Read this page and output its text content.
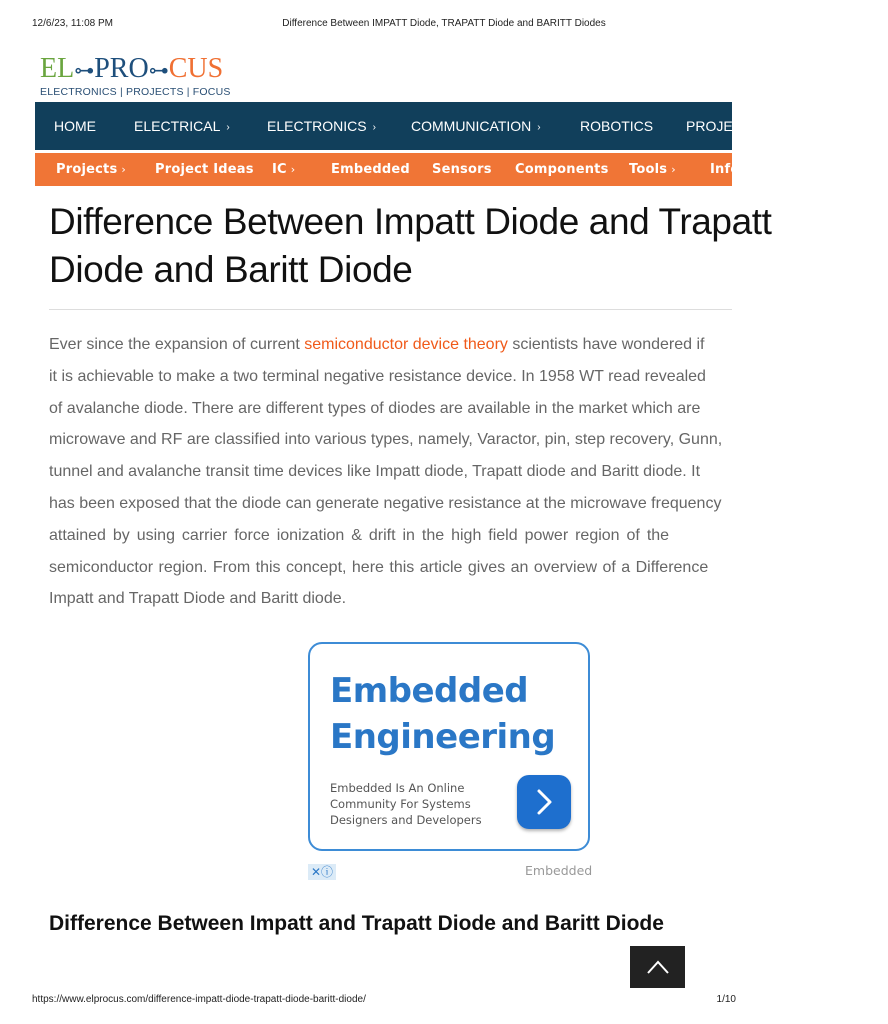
12/6/23, 11:08 PM	Difference Between IMPATT Diode, TRAPATT Diode and BARITT Diodes
EL⊶PRO⊶CUS
ELECTRONICS | PROJECTS | FOCUS
HOME	ELECTRICAL ›	ELECTRONICS ›	COMMUNICATION ›	ROBOTICS PROJECTS ›
Projects › Project Ideas IC ›	Embedded Sensors Components Tools ›	Info
Difference Between Impatt Diode and Trapatt
Diode and Baritt Diode
Ever since the expansion of current semiconductor device theory scientists have wondered if
it is achievable to make a two terminal negative resistance device. In 1958 WT read revealed
of avalanche diode. There are different types of diodes are available in the market which are
microwave and RF are classified into various types, namely, Varactor, pin, step recovery, Gunn,
tunnel and avalanche transit time devices like Impatt diode, Trapatt diode and Baritt diode. It
has been exposed that the diode can generate negative resistance at the microwave frequency
attained by using carrier force ionization & drift in the high field power region of the
semiconductor region. From this concept, here this article gives an overview of a Difference
Impatt and Trapatt Diode and Baritt diode.
Embedded
Engineering
Embedded Is An Online
Community For Systems
Designers and Developers
✕ⓘ	Embedded
Difference Between Impatt and Trapatt Diode and Baritt Diode
https://www.elprocus.com/difference-impatt-diode-trapatt-diode-baritt-diode/	1/10
